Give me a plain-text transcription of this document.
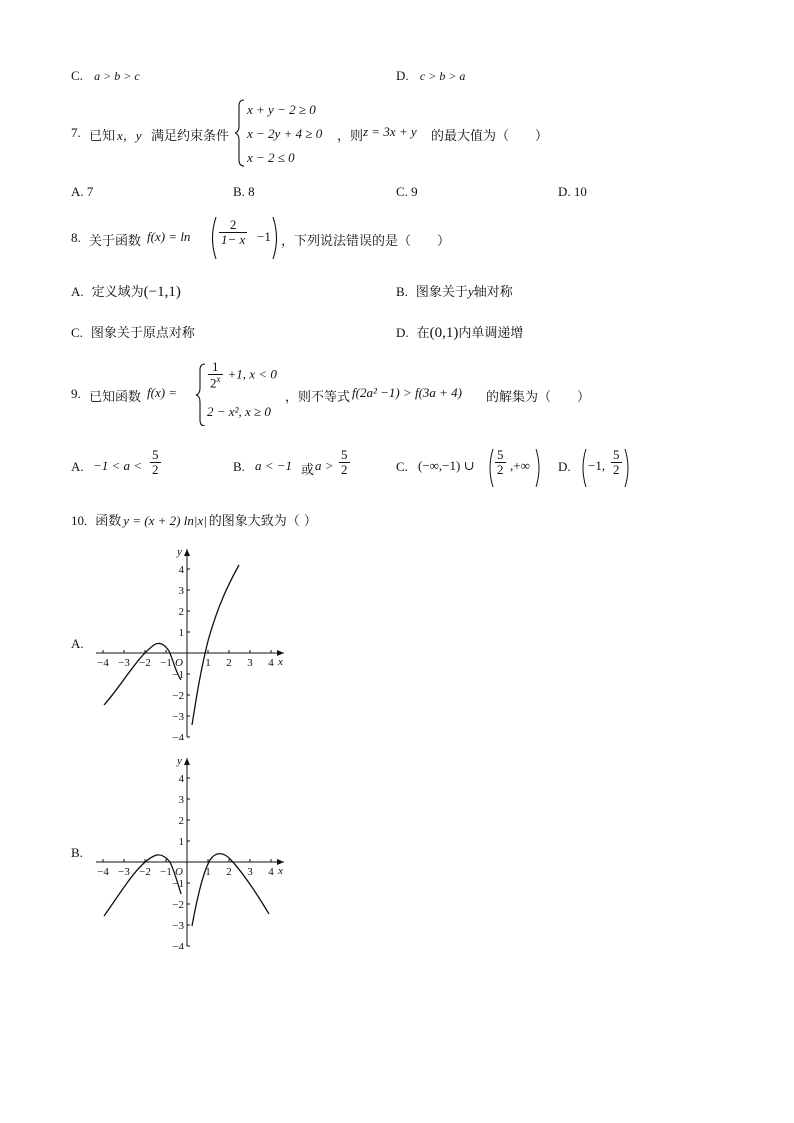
C. a > b > c	D. c > b > a
7. 已知 x，y 满足约束条件
x + y − 2 ≥ 0
x − 2y + 4 ≥ 0
x − 2 ≤ 0
，则 z = 3x + y 的最大值为（　　）
A. 7	B. 8	C. 9	D. 10
8. 关于函数 $f(x) = \ln \frac{2}{1- x} -1$ ，下列说法错误的是（　　）
A. 定义域为(−1,1)	B. 图象关于y轴对称
C. 图象关于原点对称	D. 在(0,1)内单调递增
9. 已知函数 f(x) =
$\frac{1}{2^x} +1$, x < 0
2 − x², x ≥ 0
，则不等式 f(2a² −1) > f(3a + 4) 的解集为（　　）
A. $-1 < a < \frac{5}{2}$	B. a < −1 或 $a > \frac{5}{2}$	C. (−∞,−1) ∪ $\frac{5}{2}$ ,+∞ D. −1, $\frac{5}{2}$
10. 函数 y = (x + 2) ln|x| 的图象大致为（ ）
A.
−4 −3 −2 −1	1 2 3 4
4
3
2
1
−1
−2
−3
−4
x
y
O
B.
−4 −3 −2 −1	1 2 3 4
4
3
2
1
−1
−2
−3
−4
x
y
O
